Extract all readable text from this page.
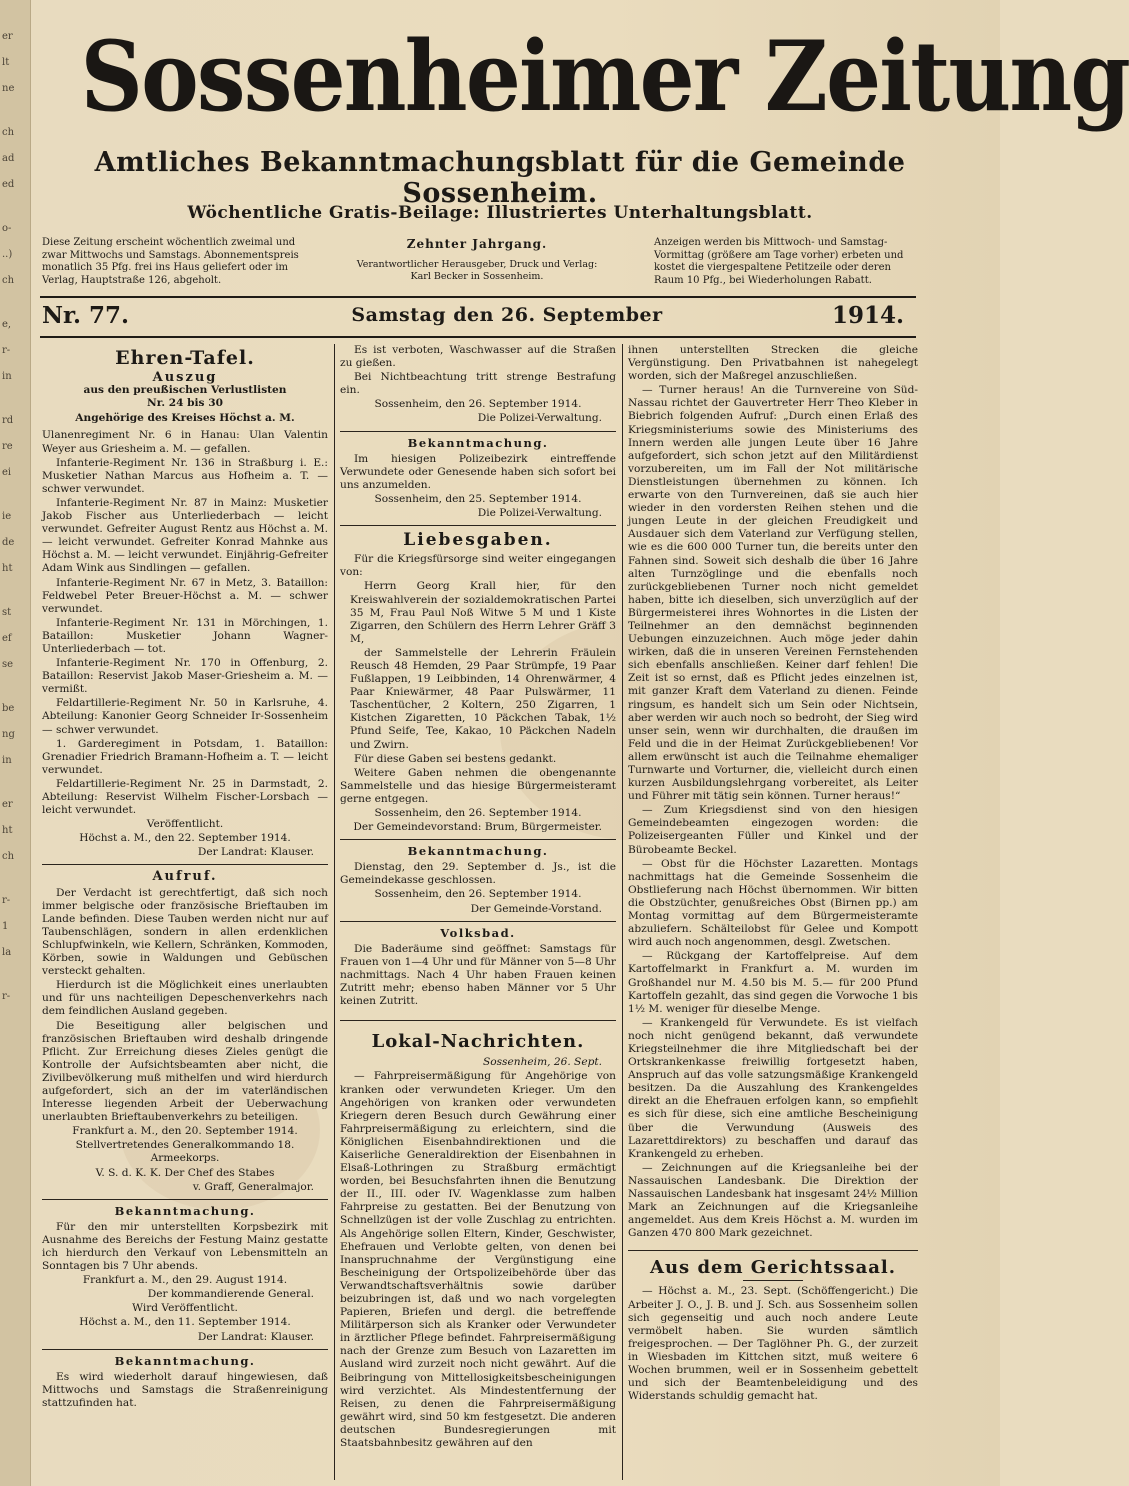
er
lt
ne
ch
ad
ed
o-
..)
ch
e,
r-
in
rd
re
ei
ie
de
ht
st
ef
se
be
ng
in
er
ht
ch
r-
1
la
r-
Sossenheimer Zeitung
Amtliches Bekanntmachungsblatt für die Gemeinde Sossenheim.
Wöchentliche Gratis-Beilage: Illustriertes Unterhaltungsblatt.
Diese Zeitung erscheint wöchentlich zweimal und zwar Mittwochs und Samstags. Abonnementspreis monatlich 35 Pfg. frei ins Haus geliefert oder im Verlag, Hauptstraße 126, abgeholt.
Zehnter Jahrgang.
Verantwortlicher Herausgeber, Druck und Verlag:
Karl Becker in Sossenheim.
Anzeigen werden bis Mittwoch- und Samstag-Vormittag (größere am Tage vorher) erbeten und kostet die viergespaltene Petitzeile oder deren Raum 10 Pfg., bei Wiederholungen Rabatt.
Nr. 77.	Samstag den 26. September	1914.
Ehren-Tafel.
Auszug
aus den preußischen Verlustlisten
Nr. 24 bis 30
Angehörige des Kreises Höchst a. M.

Ulanenregiment Nr. 6 in Hanau: Ulan Valentin Weyer aus Griesheim a. M. — gefallen.

Infanterie-Regiment Nr. 136 in Straßburg i. E.: Musketier Nathan Marcus aus Hofheim a. T. — schwer verwundet.

Infanterie-Regiment Nr. 87 in Mainz: Musketier Jakob Fischer aus Unterliederbach — leicht verwundet. Gefreiter August Rentz aus Höchst a. M. — leicht verwundet. Gefreiter Konrad Mahnke aus Höchst a. M. — leicht verwundet. Einjährig-Gefreiter Adam Wink aus Sindlingen — gefallen.

Infanterie-Regiment Nr. 67 in Metz, 3. Bataillon: Feldwebel Peter Breuer-Höchst a. M. — schwer verwundet.

Infanterie-Regiment Nr. 131 in Mörchingen, 1. Bataillon: Musketier Johann Wagner-Unterliederbach — tot.

Infanterie-Regiment Nr. 170 in Offenburg, 2. Bataillon: Reservist Jakob Maser-Griesheim a. M. — vermißt.

Feldartillerie-Regiment Nr. 50 in Karlsruhe, 4. Abteilung: Kanonier Georg Schneider Ir-Sossenheim — schwer verwundet.

1. Garderegiment in Potsdam, 1. Bataillon: Grenadier Friedrich Bramann-Hofheim a. T. — leicht verwundet.

Feldartillerie-Regiment Nr. 25 in Darmstadt, 2. Abteilung: Reservist Wilhelm Fischer-Lorsbach — leicht verwundet.

Veröffentlicht.

Höchst a. M., den 22. September 1914.

Der Landrat: Klauser.

Aufruf.

Der Verdacht ist gerechtfertigt, daß sich noch immer belgische oder französische Brieftauben im Lande befinden. Diese Tauben werden nicht nur auf Taubenschlägen, sondern in allen erdenklichen Schlupfwinkeln, wie Kellern, Schränken, Kommoden, Körben, sowie in Waldungen und Gebüschen versteckt gehalten.

Hierdurch ist die Möglichkeit eines unerlaubten und für uns nachteiligen Depeschenverkehrs nach dem feindlichen Ausland gegeben.

Die Beseitigung aller belgischen und französischen Brieftauben wird deshalb dringende Pflicht. Zur Erreichung dieses Zieles genügt die Kontrolle der Aufsichtsbeamten aber nicht, die Zivilbevölkerung muß mithelfen und wird hierdurch aufgefordert, sich an der im vaterländischen Interesse liegenden Arbeit der Ueberwachung unerlaubten Brieftaubenverkehrs zu beteiligen.

Frankfurt a. M., den 20. September 1914.

Stellvertretendes Generalkommando 18. Armeekorps.

V. S. d. K. K. Der Chef des Stabes

v. Graff, Generalmajor.

Bekanntmachung.

Für den mir unterstellten Korpsbezirk mit Ausnahme des Bereichs der Festung Mainz gestatte ich hierdurch den Verkauf von Lebensmitteln an Sonntagen bis 7 Uhr abends.

Frankfurt a. M., den 29. August 1914.

Der kommandierende General.

Wird Veröffentlicht.

Höchst a. M., den 11. September 1914.

Der Landrat: Klauser.

Bekanntmachung.

Es wird wiederholt darauf hingewiesen, daß Mittwochs und Samstags die Straßenreinigung stattzufinden hat.

Es ist verboten, Waschwasser auf die Straßen zu gießen.

Bei Nichtbeachtung tritt strenge Bestrafung ein.

Sossenheim, den 26. September 1914.

Die Polizei-Verwaltung.

Bekanntmachung.

Im hiesigen Polizeibezirk eintreffende Verwundete oder Genesende haben sich sofort bei uns anzumelden.

Sossenheim, den 25. September 1914.

Die Polizei-Verwaltung.

Liebesgaben.

Für die Kriegsfürsorge sind weiter eingegangen von:

Herrn Georg Krall hier, für den Kreiswahlverein der sozialdemokratischen Partei 35 M, Frau Paul Noß Witwe 5 M und 1 Kiste Zigarren, den Schülern des Herrn Lehrer Gräff 3 M,

der Sammelstelle der Lehrerin Fräulein Reusch 48 Hemden, 29 Paar Strümpfe, 19 Paar Fußlappen, 19 Leibbinden, 14 Ohrenwärmer, 4 Paar Kniewärmer, 48 Paar Pulswärmer, 11 Taschentücher, 2 Koltern, 250 Zigarren, 1 Kistchen Zigaretten, 10 Päckchen Tabak, 1½ Pfund Seife, Tee, Kakao, 10 Päckchen Nadeln und Zwirn.

Für diese Gaben sei bestens gedankt.

Weitere Gaben nehmen die obengenannte Sammelstelle und das hiesige Bürgermeisteramt gerne entgegen.

Sossenheim, den 26. September 1914.

Der Gemeindevorstand: Brum, Bürgermeister.

Bekanntmachung.

Dienstag, den 29. September d. Js., ist die Gemeindekasse geschlossen.

Sossenheim, den 26. September 1914.

Der Gemeinde-Vorstand.

Volksbad.

Die Baderäume sind geöffnet: Samstags für Frauen von 1—4 Uhr und für Männer von 5—8 Uhr nachmittags. Nach 4 Uhr haben Frauen keinen Zutritt mehr; ebenso haben Männer vor 5 Uhr keinen Zutritt.

Lokal-Nachrichten.

Sossenheim, 26. Sept.

— Fahrpreisermäßigung für Angehörige von kranken oder verwundeten Krieger. Um den Angehörigen von kranken oder verwundeten Kriegern deren Besuch durch Gewährung einer Fahrpreisermäßigung zu erleichtern, sind die Königlichen Eisenbahndirektionen und die Kaiserliche Generaldirektion der Eisenbahnen in Elsaß-Lothringen zu Straßburg ermächtigt worden, bei Besuchsfahrten ihnen die Benutzung der II., III. oder IV. Wagenklasse zum halben Fahrpreise zu gestatten. Bei der Benutzung von Schnellzügen ist der volle Zuschlag zu entrichten. Als Angehörige sollen Eltern, Kinder, Geschwister, Ehefrauen und Verlobte gelten, von denen bei Inanspruchnahme der Vergünstigung eine Bescheinigung der Ortspolizeibehörde über das Verwandtschaftsverhältnis sowie darüber beizubringen ist, daß und wo nach vorgelegten Papieren, Briefen und dergl. die betreffende Militärperson sich als Kranker oder Verwundeter in ärztlicher Pflege befindet. Fahrpreisermäßigung nach der Grenze zum Besuch von Lazaretten im Ausland wird zurzeit noch nicht gewährt. Auf die Beibringung von Mittellosigkeitsbescheinigungen wird verzichtet. Als Mindestentfernung der Reisen, zu denen die Fahrpreisermäßigung gewährt wird, sind 50 km festgesetzt. Die anderen deutschen Bundesregierungen mit Staatsbahnbesitz gewähren auf den

ihnen unterstellten Strecken die gleiche Vergünstigung. Den Privatbahnen ist nahegelegt worden, sich der Maßregel anzuschließen.

— Turner heraus! An die Turnvereine von Süd-Nassau richtet der Gauvertreter Herr Theo Kleber in Biebrich folgenden Aufruf: „Durch einen Erlaß des Kriegsministeriums sowie des Ministeriums des Innern werden alle jungen Leute über 16 Jahre aufgefordert, sich schon jetzt auf den Militärdienst vorzubereiten, um im Fall der Not militärische Dienstleistungen übernehmen zu können. Ich erwarte von den Turnvereinen, daß sie auch hier wieder in den vordersten Reihen stehen und die jungen Leute in der gleichen Freudigkeit und Ausdauer sich dem Vaterland zur Verfügung stellen, wie es die 600 000 Turner tun, die bereits unter den Fahnen sind. Soweit sich deshalb die über 16 Jahre alten Turnzöglinge und die ebenfalls noch zurückgebliebenen Turner noch nicht gemeldet haben, bitte ich dieselben, sich unverzüglich auf der Bürgermeisterei ihres Wohnortes in die Listen der Teilnehmer an den demnächst beginnenden Uebungen einzuzeichnen. Auch möge jeder dahin wirken, daß die in unseren Vereinen Fernstehenden sich ebenfalls anschließen. Keiner darf fehlen! Die Zeit ist so ernst, daß es Pflicht jedes einzelnen ist, mit ganzer Kraft dem Vaterland zu dienen. Feinde ringsum, es handelt sich um Sein oder Nichtsein, aber werden wir auch noch so bedroht, der Sieg wird unser sein, wenn wir durchhalten, die draußen im Feld und die in der Heimat Zurückgebliebenen! Vor allem erwünscht ist auch die Teilnahme ehemaliger Turnwarte und Vorturner, die, vielleicht durch einen kurzen Ausbildungslehrgang vorbereitet, als Leiter und Führer mit tätig sein können. Turner heraus!“

— Zum Kriegsdienst sind von den hiesigen Gemeindebeamten eingezogen worden: die Polizeisergeanten Füller und Kinkel und der Bürobeamte Beckel.

— Obst für die Höchster Lazaretten. Montags nachmittags hat die Gemeinde Sossenheim die Obstlieferung nach Höchst übernommen. Wir bitten die Obstzüchter, genußreiches Obst (Birnen pp.) am Montag vormittag auf dem Bürgermeisteramte abzuliefern. Schälteilobst für Gelee und Kompott wird auch noch angenommen, desgl. Zwetschen.

— Rückgang der Kartoffelpreise. Auf dem Kartoffelmarkt in Frankfurt a. M. wurden im Großhandel nur M. 4.50 bis M. 5.— für 200 Pfund Kartoffeln gezahlt, das sind gegen die Vorwoche 1 bis 1½ M. weniger für dieselbe Menge.

— Krankengeld für Verwundete. Es ist vielfach noch nicht genügend bekannt, daß verwundete Kriegsteilnehmer die ihre Mitgliedschaft bei der Ortskrankenkasse freiwillig fortgesetzt haben, Anspruch auf das volle satzungsmäßige Krankengeld besitzen. Da die Auszahlung des Krankengeldes direkt an die Ehefrauen erfolgen kann, so empfiehlt es sich für diese, sich eine amtliche Bescheinigung über die Verwundung (Ausweis des Lazarettdirektors) zu beschaffen und darauf das Krankengeld zu erheben.

— Zeichnungen auf die Kriegsanleihe bei der Nassauischen Landesbank. Die Direktion der Nassauischen Landesbank hat insgesamt 24½ Million Mark an Zeichnungen auf die Kriegsanleihe angemeldet. Aus dem Kreis Höchst a. M. wurden im Ganzen 470 800 Mark gezeichnet.

Aus dem Gerichtssaal.

— Höchst a. M., 23. Sept. (Schöffengericht.) Die Arbeiter J. O., J. B. und J. Sch. aus Sossenheim sollen sich gegenseitig und auch noch andere Leute vermöbelt haben. Sie wurden sämtlich freigesprochen. — Der Taglöhner Ph. G., der zurzeit in Wiesbaden im Kittchen sitzt, muß weitere 6 Wochen brummen, weil er in Sossenheim gebettelt und sich der Beamtenbeleidigung und des Widerstands schuldig gemacht hat.
